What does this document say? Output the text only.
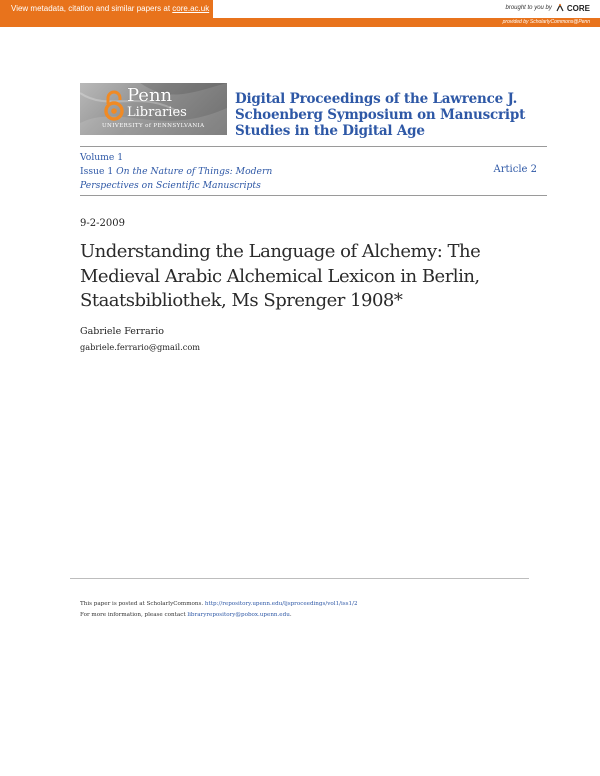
View metadata, citation and similar papers at core.ac.uk	brought to you by CORE
provided by ScholarlyCommons@Penn
Penn
Libraries
UNIVERSITY of PENNSYLVANIA
Digital Proceedings of the Lawrence J. Schoenberg Symposium on Manuscript Studies in the Digital Age
Volume 1
Issue 1 On the Nature of Things: Modern Perspectives on Scientific Manuscripts
Article 2
9-2-2009
Understanding the Language of Alchemy: The Medieval Arabic Alchemical Lexicon in Berlin, Staatsbibliothek, Ms Sprenger 1908*
Gabriele Ferrario
gabriele.ferrario@gmail.com
This paper is posted at ScholarlyCommons. http://repository.upenn.edu/ljsproceedings/vol1/iss1/2
For more information, please contact libraryrepository@pobox.upenn.edu.
